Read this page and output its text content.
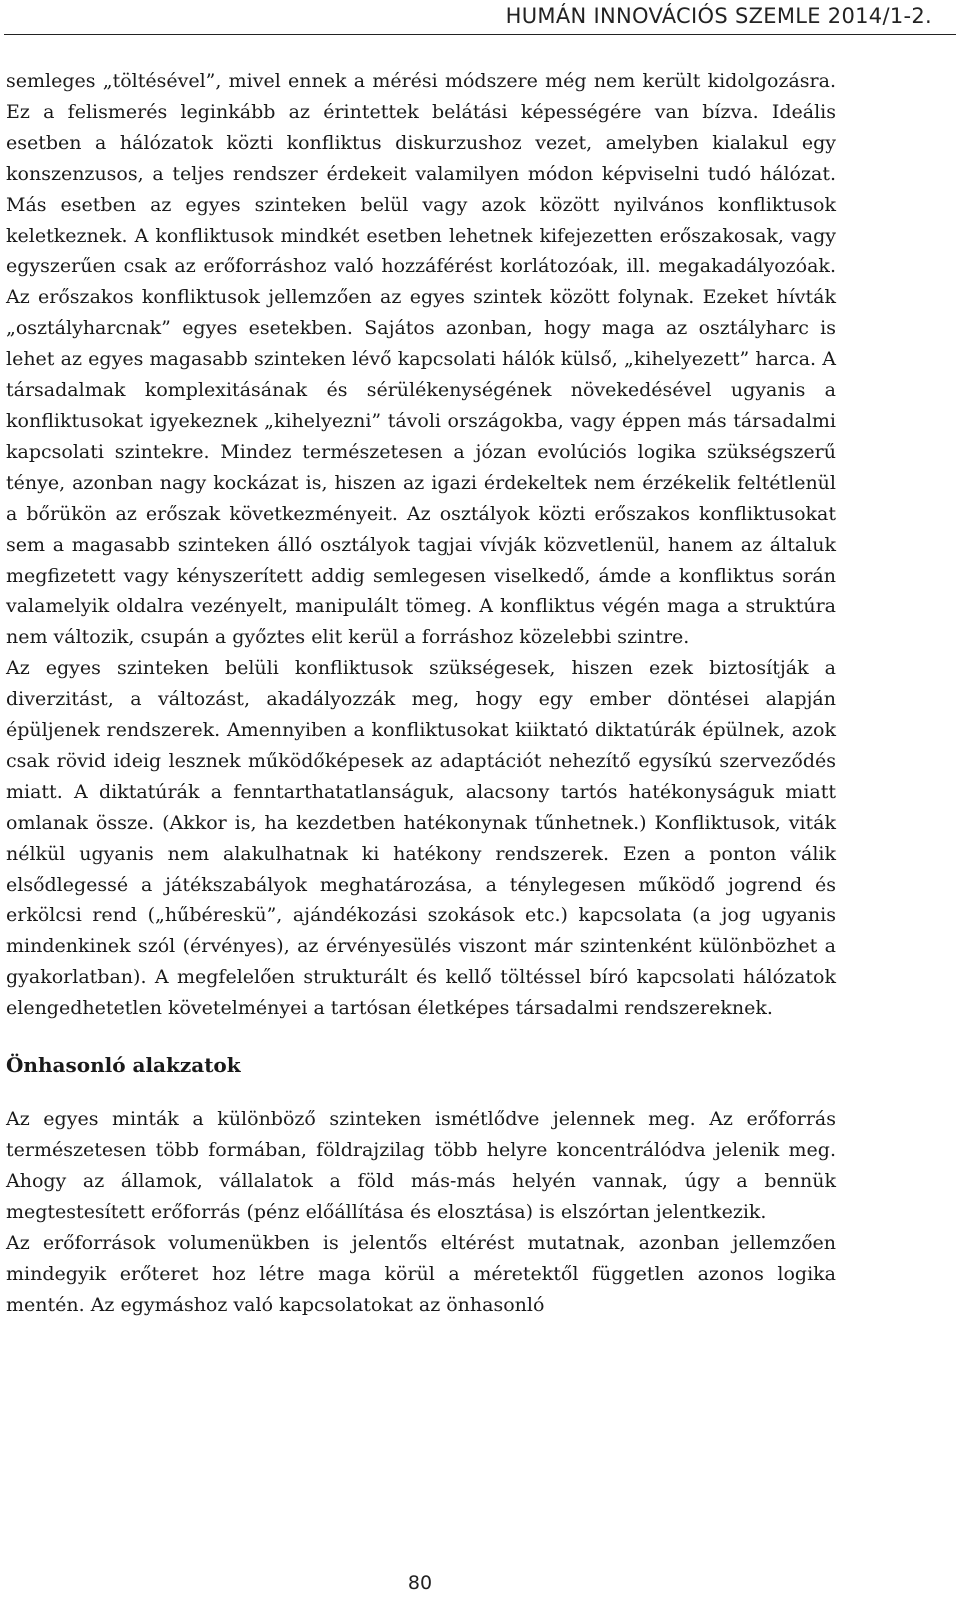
HUMÁN INNOVÁCIÓS SZEMLE 2014/1-2.

semleges „töltésével”, mivel ennek a mérési módszere még nem került kidolgozásra. Ez a felismerés leginkább az érintettek belátási képességére van bízva. Ideális esetben a hálózatok közti konfliktus diskurzushoz vezet, amelyben kialakul egy konszenzusos, a teljes rendszer érdekeit valamilyen módon képviselni tudó hálózat. Más esetben az egyes szinteken belül vagy azok között nyilvános konfliktusok keletkeznek. A konfliktusok mindkét esetben lehetnek kifejezetten erőszakosak, vagy egyszerűen csak az erőforráshoz való hozzáférést korlátozóak, ill. megakadályozóak. Az erőszakos konfliktusok jellemzően az egyes szintek között folynak. Ezeket hívták „osztályharcnak” egyes esetekben. Sajátos azonban, hogy maga az osztályharc is lehet az egyes magasabb szinteken lévő kapcsolati hálók külső, „kihelyezett” harca. A társadalmak komplexitásának és sérülékenységének növekedésével ugyanis a konfliktusokat igyekeznek „kihelyezni” távoli országokba, vagy éppen más társadalmi kapcsolati szintekre. Mindez természetesen a józan evolúciós logika szükségszerű ténye, azonban nagy kockázat is, hiszen az igazi érdekeltek nem érzékelik feltétlenül a bőrükön az erőszak következményeit. Az osztályok közti erőszakos konfliktusokat sem a magasabb szinteken álló osztályok tagjai vívják közvetlenül, hanem az általuk megfizetett vagy kényszerített addig semlegesen viselkedő, ámde a konfliktus során valamelyik oldalra vezényelt, manipulált tömeg. A konfliktus végén maga a struktúra nem változik, csupán a győztes elit kerül a forráshoz közelebbi szintre.

Az egyes szinteken belüli konfliktusok szükségesek, hiszen ezek biztosítják a diverzitást, a változást, akadályozzák meg, hogy egy ember döntései alapján épüljenek rendszerek. Amennyiben a konfliktusokat kiiktató diktatúrák épülnek, azok csak rövid ideig lesznek működőképesek az adaptációt nehezítő egysíkú szerveződés miatt. A diktatúrák a fenntarthatatlanságuk, alacsony tartós hatékonyságuk miatt omlanak össze. (Akkor is, ha kezdetben hatékonynak tűnhetnek.) Konfliktusok, viták nélkül ugyanis nem alakulhatnak ki hatékony rendszerek. Ezen a ponton válik elsődlegessé a játékszabályok meghatározása, a ténylegesen működő jogrend és erkölcsi rend („hűbéreskü”, ajándékozási szokások etc.) kapcsolata (a jog ugyanis mindenkinek szól (érvényes), az érvényesülés viszont már szintenként különbözhet a gyakorlatban). A megfelelően strukturált és kellő töltéssel bíró kapcsolati hálózatok elengedhetetlen követelményei a tartósan életképes társadalmi rendszereknek.

Önhasonló alakzatok

Az egyes minták a különböző szinteken ismétlődve jelennek meg. Az erőforrás természetesen több formában, földrajzilag több helyre koncentrálódva jelenik meg. Ahogy az államok, vállalatok a föld más-más helyén vannak, úgy a bennük megtestesített erőforrás (pénz előállítása és elosztása) is elszórtan jelentkezik.

Az erőforrások volumenükben is jelentős eltérést mutatnak, azonban jellemzően mindegyik erőteret hoz létre maga körül a méretektől független azonos logika mentén. Az egymáshoz való kapcsolatokat az önhasonló

80
